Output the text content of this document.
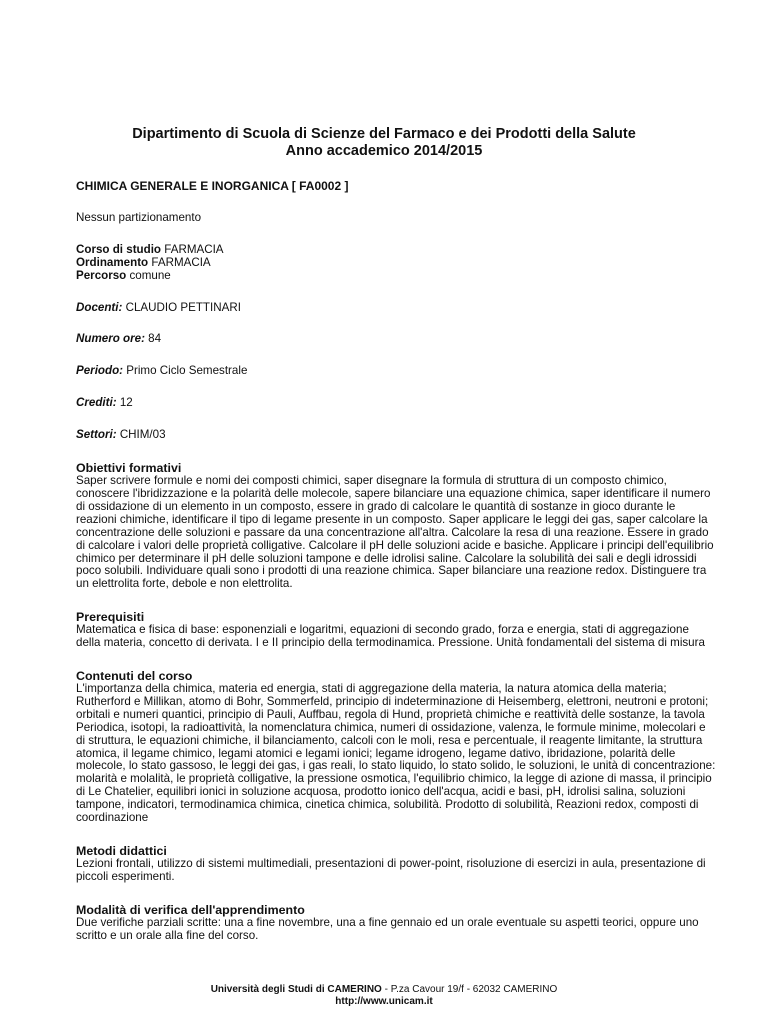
Dipartimento di Scuola di Scienze del Farmaco e dei Prodotti della Salute
Anno accademico 2014/2015
CHIMICA GENERALE E INORGANICA [ FA0002 ]
Nessun partizionamento
Corso di studio FARMACIA
Ordinamento FARMACIA
Percorso comune
Docenti: CLAUDIO PETTINARI
Numero ore: 84
Periodo: Primo Ciclo Semestrale
Crediti: 12
Settori: CHIM/03
Obiettivi formativi

Saper scrivere formule e nomi dei composti chimici, saper disegnare la formula di struttura di un composto chimico, conoscere l'ibridizzazione e la polarità delle molecole, sapere bilanciare una equazione chimica, saper identificare il numero di ossidazione di un elemento in un composto, essere in grado di calcolare le quantità di sostanze in gioco durante le reazioni chimiche, identificare il tipo di legame presente in un composto. Saper applicare le leggi dei gas, saper calcolare la concentrazione delle soluzioni e passare da una concentrazione all'altra. Calcolare la resa di una reazione. Essere in grado di calcolare i valori delle proprietà colligative. Calcolare il pH delle soluzioni acide e basiche. Applicare i principi dell'equilibrio chimico per determinare il pH delle soluzioni tampone e delle idrolisi saline. Calcolare la solubilità dei sali e degli idrossidi poco solubili. Individuare quali sono i prodotti di una reazione chimica. Saper bilanciare una reazione redox. Distinguere tra un elettrolita forte, debole e non elettrolita.

Prerequisiti

Matematica e fisica di base: esponenziali e logaritmi, equazioni di secondo grado, forza e energia, stati di aggregazione della materia, concetto di derivata. I e II principio della termodinamica. Pressione. Unità fondamentali del sistema di misura

Contenuti del corso

L'importanza della chimica, materia ed energia, stati di aggregazione della materia, la natura atomica della materia; Rutherford e Millikan, atomo di Bohr, Sommerfeld, principio di indeterminazione di Heisemberg, elettroni, neutroni e protoni; orbitali e numeri quantici, principio di Pauli, Auffbau, regola di Hund, proprietà chimiche e reattività delle sostanze, la tavola Periodica, isotopi, la radioattività, la nomenclatura chimica, numeri di ossidazione, valenza, le formule minime, molecolari e di struttura, le equazioni chimiche, il bilanciamento, calcoli con le moli, resa e percentuale, il reagente limitante, la struttura atomica, il legame chimico, legami atomici e legami ionici; legame idrogeno, legame dativo, ibridazione, polarità delle molecole, lo stato gassoso, le leggi dei gas, i gas reali, lo stato liquido, lo stato solido, le soluzioni, le unità di concentrazione: molarità e molalità, le proprietà colligative, la pressione osmotica, l'equilibrio chimico, la legge di azione di massa, il principio di Le Chatelier, equilibri ionici in soluzione acquosa, prodotto ionico dell'acqua, acidi e basi, pH, idrolisi salina, soluzioni tampone, indicatori, termodinamica chimica, cinetica chimica, solubilità. Prodotto di solubilità, Reazioni redox, composti di coordinazione

Metodi didattici

Lezioni frontali, utilizzo di sistemi multimediali, presentazioni di power-point, risoluzione di esercizi in aula, presentazione di piccoli esperimenti.

Modalità di verifica dell'apprendimento

Due verifiche parziali scritte: una a fine novembre, una a fine gennaio ed un orale eventuale su aspetti teorici, oppure uno scritto e un orale alla fine del corso.

Università degli Studi di CAMERINO - P.za Cavour 19/f - 62032 CAMERINO
http://www.unicam.it
